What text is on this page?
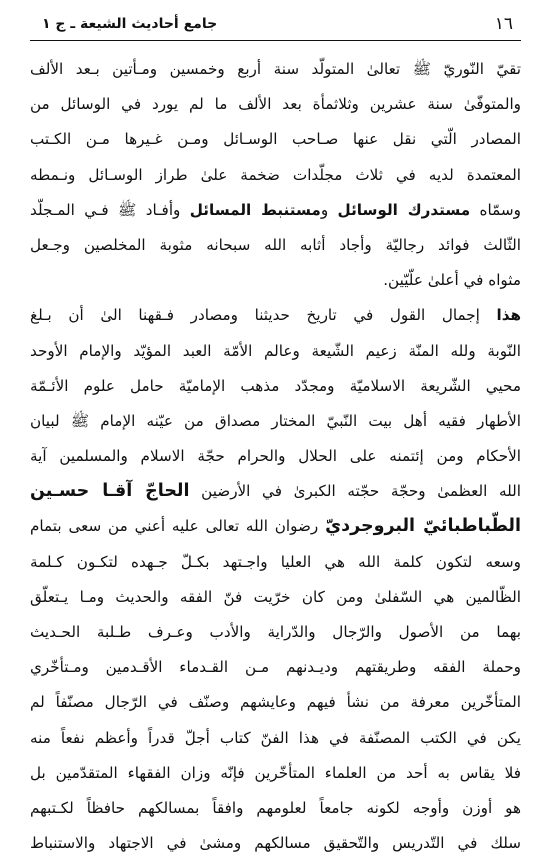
١٦
جامع أحاديث الشيعة ـ ج ١
تقيّ النّوريّ ﷺ تعالىٰ المتولّد سنة أربع وخمسين ومـأتين بـعد الألف
والمتوفّىٰ سنة عشرين وثلاثمأة بعد الألف ما لم يورد في الوسائل من
المصادر الّتي نقل عنها صـاحب الوسـائل ومـن غـيرها مـن الكـتب
المعتمدة لديه في ثلاث مجلّدات ضخمة علىٰ طراز الوسـائل ونـمطه
وسمّاه مستدرك الوسائل ومستنبط المسائل وأفـاد ﷺ فـي المـجلّد
الثّالث فوائد رجاليّة وأجاد أثابه الله سبحانه مثوبة المخلصين وجـعل
مثواه في أعلىٰ علّيّين.
هذا إجمال القول في تاريخ حديثنا ومصادر فـقهنا الىٰ أن بـلغ
النّوبة ولله المنّة زعيم الشّيعة وعالم الأمّة العبد المؤيّد والإمام الأوحد
محيي الشّريعة الاسلاميّة ومجدّد مذهب الإماميّة حامل علوم الأئـمّة
الأطهار فقيه أهل بيت النّبيّ المختار مصداق من عيّنه الإمام ﷺ لبيان
الأحكام ومن إئتمنه على الحلال والحرام حجّة الاسلام والمسلمين آية
الله العظمىٰ وحجّة حجّته الكبرىٰ في الأرضين الحاجّ آقـا حسـين
الطّباطبائيّ البروجرديّ رضوان الله تعالى عليه أعني من سعى بتمام
وسعه لتكون كلمة الله هي العليا واجـتهد بكـلّ جـهده لتكـون كـلمة
الظّالمين هي السّفلىٰ ومن كان خرّيت فنّ الفقه والحديث ومـا يـتعلّق
بهما من الأصول والرّجال والدّراية والأدب وعـرف طـلبة الحـديث
وحملة الفقه وطريقتهم وديـدنهم مـن القـدماء الأقـدمين ومـتأخّري
المتأخّرين معرفة من نشأ فيهم وعايشهم وصنّف في الرّجال مصنّفاً لم
يكن في الكتب المصنّفة في هذا الفنّ كتاب أجلّ قدراً وأعظم نفعاً منه
فلا يقاس به أحد من العلماء المتأخّرين فإنّه وزان الفقهاء المتقدّمين بل
هو أوزن وأوجه لكونه جامعاً لعلومهم وافقاً بمسالكهم حافظاً لكـتبهم
سلك في التّدريس والتّحقيق مسالكهم ومشىٰ في الاجتهاد والاستنباط
